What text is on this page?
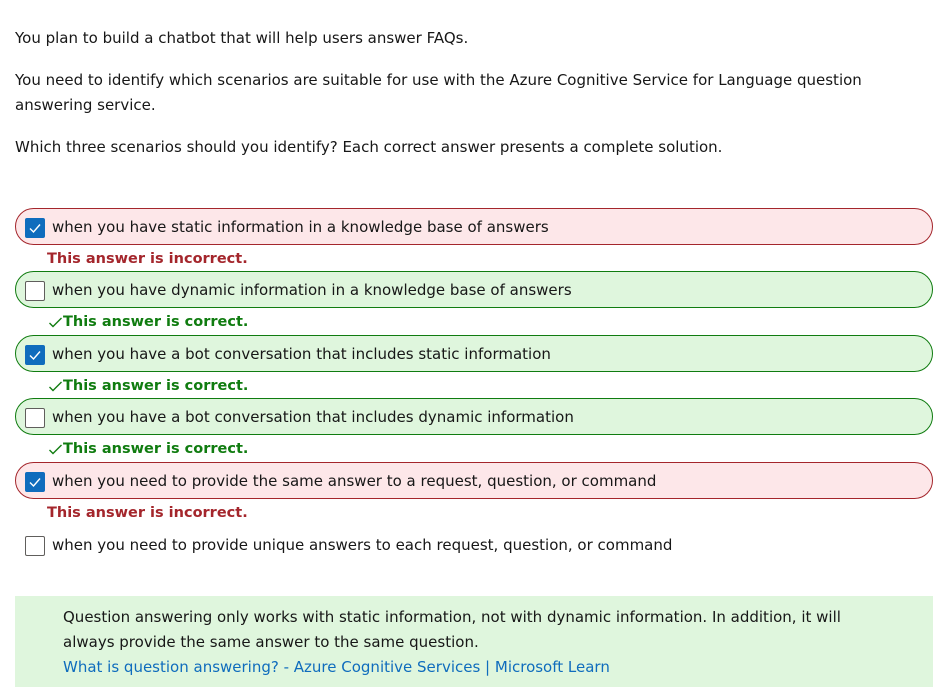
You plan to build a chatbot that will help users answer FAQs.

You need to identify which scenarios are suitable for use with the Azure Cognitive Service for Language question answering service.

Which three scenarios should you identify? Each correct answer presents a complete solution.

when you have static information in a knowledge base of answers
This answer is incorrect.
when you have dynamic information in a knowledge base of answers
This answer is correct.
when you have a bot conversation that includes static information
This answer is correct.
when you have a bot conversation that includes dynamic information
This answer is correct.
when you need to provide the same answer to a request, question, or command
This answer is incorrect.
when you need to provide unique answers to each request, question, or command

Question answering only works with static information, not with dynamic information. In addition, it will always provide the same answer to the same question.

What is question answering? - Azure Cognitive Services | Microsoft Learn
